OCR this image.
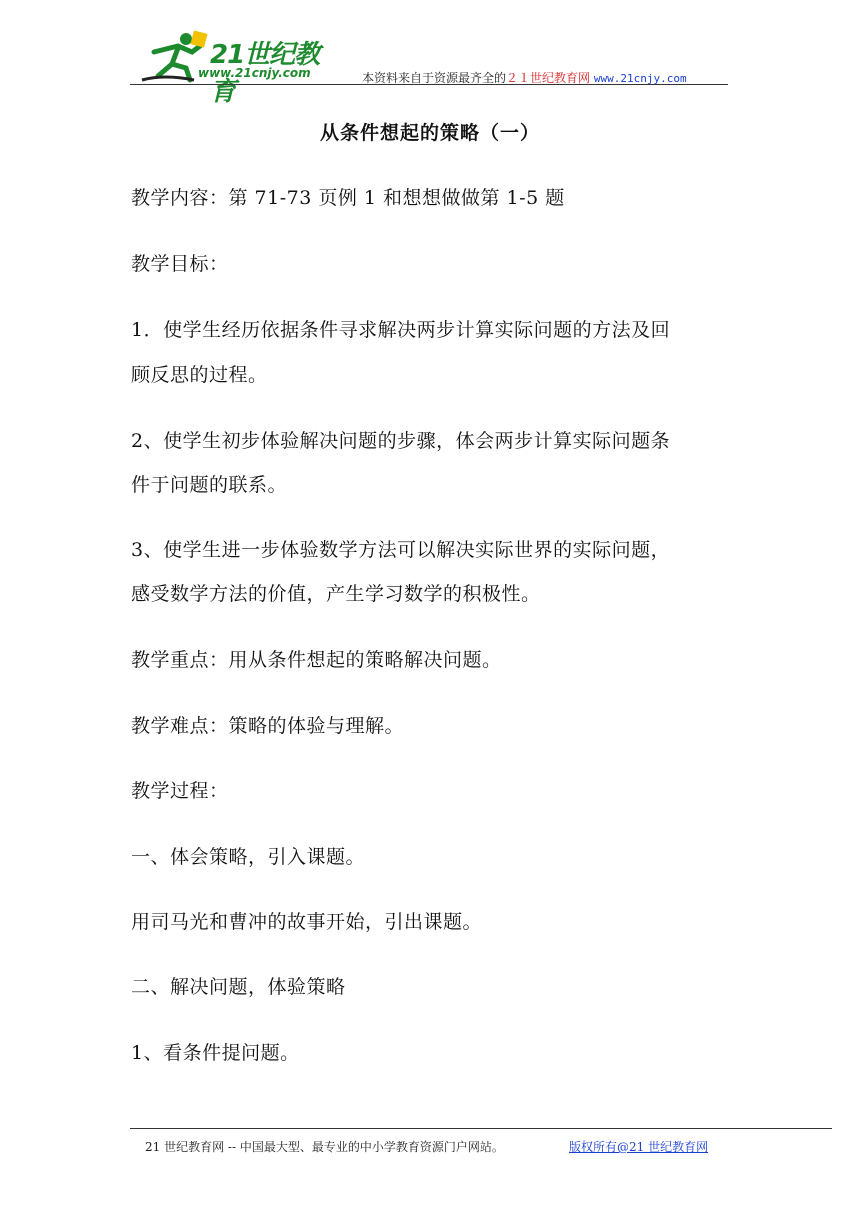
21世纪教育
www.21cnjy.com	本资料来自于资源最齐全的２１世纪教育网 www.21cnjy.com
从条件想起的策略（一）
教学内容：第 71-73 页例 1 和想想做做第 1-5 题
教学目标：
1．使学生经历依据条件寻求解决两步计算实际问题的方法及回
顾反思的过程。
2、使学生初步体验解决问题的步骤，体会两步计算实际问题条
件于问题的联系。
3、使学生进一步体验数学方法可以解决实际世界的实际问题，
感受数学方法的价值，产生学习数学的积极性。
教学重点：用从条件想起的策略解决问题。
教学难点：策略的体验与理解。
教学过程：
一、体会策略，引入课题。
用司马光和曹冲的故事开始，引出课题。
二、解决问题，体验策略
1、看条件提问题。
21 世纪教育网 -- 中国最大型、最专业的中小学教育资源门户网站。	版权所有@21 世纪教育网
